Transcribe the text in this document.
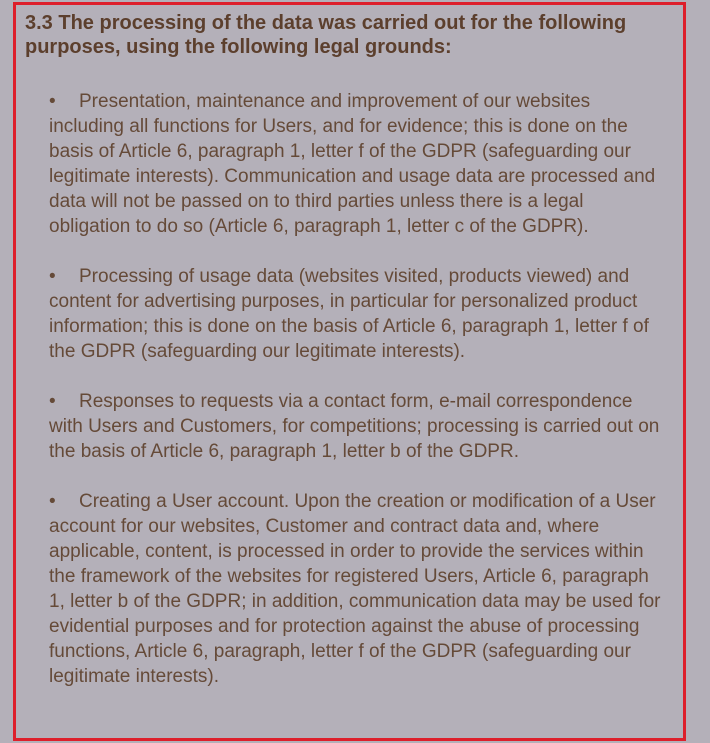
3.3 The processing of the data was carried out for the following purposes, using the following legal grounds:
• Presentation, maintenance and improvement of our websites including all functions for Users, and for evidence; this is done on the basis of Article 6, paragraph 1, letter f of the GDPR (safeguarding our legitimate interests). Communication and usage data are processed and data will not be passed on to third parties unless there is a legal obligation to do so (Article 6, paragraph 1, letter c of the GDPR).
• Processing of usage data (websites visited, products viewed) and content for advertising purposes, in particular for personalized product information; this is done on the basis of Article 6, paragraph 1, letter f of the GDPR (safeguarding our legitimate interests).
• Responses to requests via a contact form, e-mail correspondence with Users and Customers, for competitions; processing is carried out on the basis of Article 6, paragraph 1, letter b of the GDPR.
• Creating a User account. Upon the creation or modification of a User account for our websites, Customer and contract data and, where applicable, content, is processed in order to provide the services within the framework of the websites for registered Users, Article 6, paragraph 1, letter b of the GDPR; in addition, communication data may be used for evidential purposes and for protection against the abuse of processing functions, Article 6, paragraph, letter f of the GDPR (safeguarding our legitimate interests).
